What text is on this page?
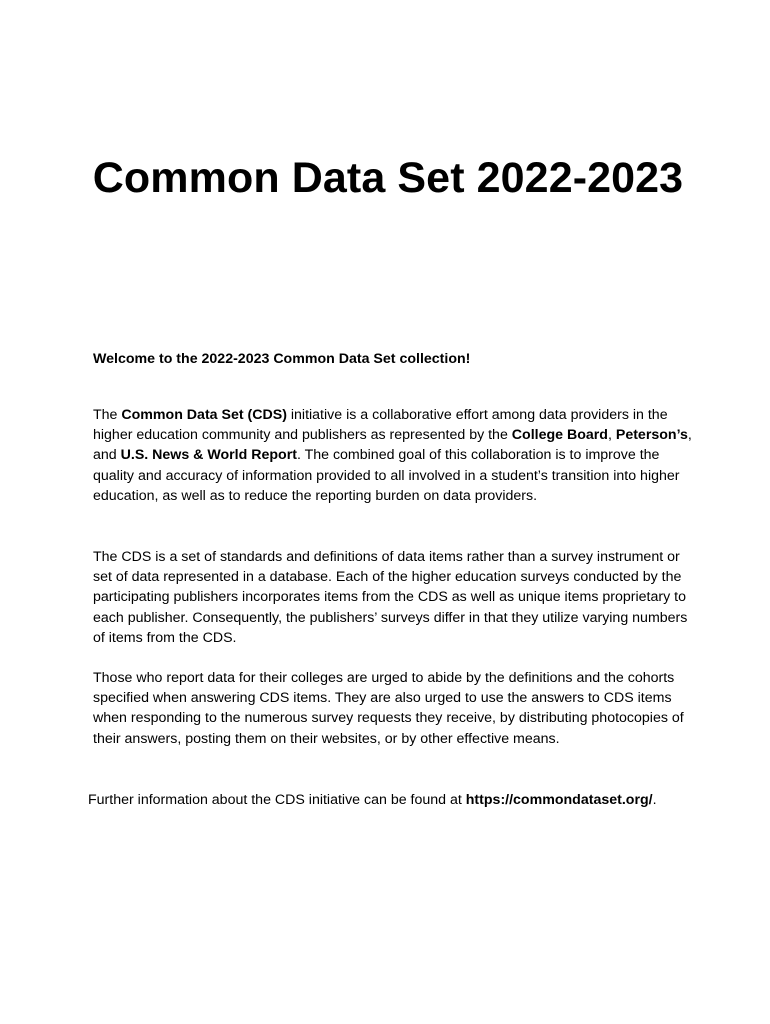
Common Data Set 2022-2023

Welcome to the 2022-2023 Common Data Set collection!

The Common Data Set (CDS) initiative is a collaborative effort among data providers in the higher education community and publishers as represented by the College Board, Peterson’s, and U.S. News & World Report. The combined goal of this collaboration is to improve the quality and accuracy of information provided to all involved in a student’s transition into higher education, as well as to reduce the reporting burden on data providers.

The CDS is a set of standards and definitions of data items rather than a survey instrument or set of data represented in a database. Each of the higher education surveys conducted by the participating publishers incorporates items from the CDS as well as unique items proprietary to each publisher. Consequently, the publishers’ surveys differ in that they utilize varying numbers of items from the CDS.

Those who report data for their colleges are urged to abide by the definitions and the cohorts specified when answering CDS items. They are also urged to use the answers to CDS items when responding to the numerous survey requests they receive, by distributing photocopies of their answers, posting them on their websites, or by other effective means.

Further information about the CDS initiative can be found at https://commondataset.org/.
